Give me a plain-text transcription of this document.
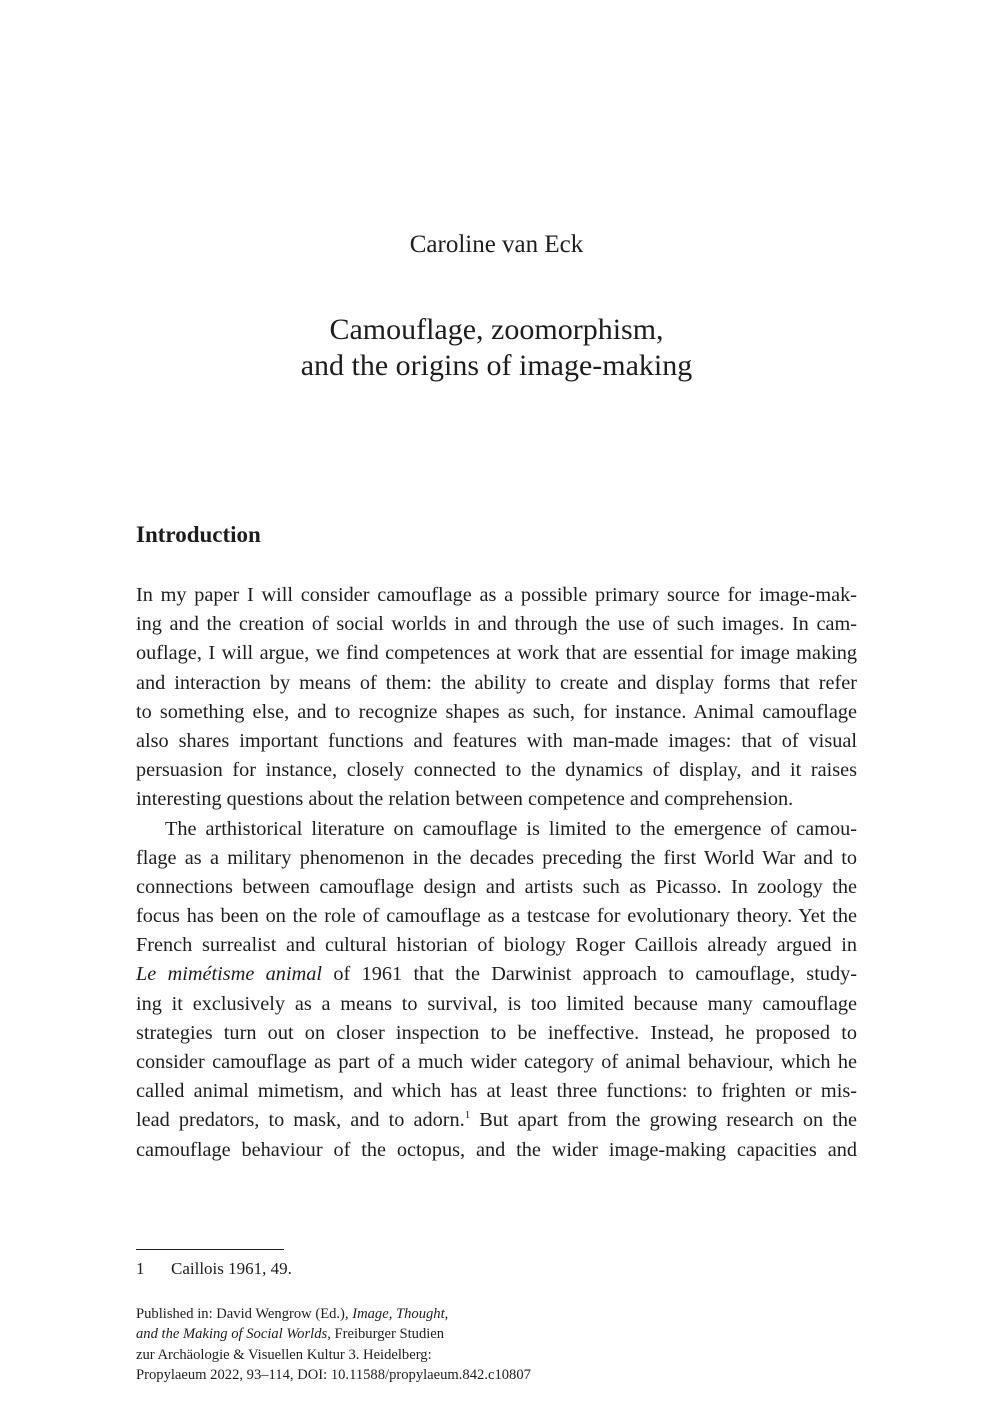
Caroline van Eck
Camouflage, zoomorphism,
and the origins of image-making
Introduction
In my paper I will consider camouflage as a possible primary source for image-mak-
ing and the creation of social worlds in and through the use of such images. In cam-
ouflage, I will argue, we find competences at work that are essential for image making
and interaction by means of them: the ability to create and display forms that refer
to something else, and to recognize shapes as such, for instance. Animal camouflage
also shares important functions and features with man-made images: that of visual
persuasion for instance, closely connected to the dynamics of display, and it raises
interesting questions about the relation between competence and comprehension.
The arthistorical literature on camouflage is limited to the emergence of camou-
flage as a military phenomenon in the decades preceding the first World War and to
connections between camouflage design and artists such as Picasso. In zoology the
focus has been on the role of camouflage as a testcase for evolutionary theory. Yet the
French surrealist and cultural historian of biology Roger Caillois already argued in
Le mimétisme animal of 1961 that the Darwinist approach to camouflage, study-
ing it exclusively as a means to survival, is too limited because many camouflage
strategies turn out on closer inspection to be ineffective. Instead, he proposed to
consider camouflage as part of a much wider category of animal behaviour, which he
called animal mimetism, and which has at least three functions: to frighten or mis-
lead predators, to mask, and to adorn.$^1$ But apart from the growing research on the
camouflage behaviour of the octopus, and the wider image-making capacities and
1 Caillois 1961, 49.
Published in: David Wengrow (Ed.), Image, Thought,
and the Making of Social Worlds, Freiburger Studien
zur Archäologie & Visuellen Kultur 3. Heidelberg:
Propylaeum 2022, 93–114, DOI: 10.11588/propylaeum.842.c10807
